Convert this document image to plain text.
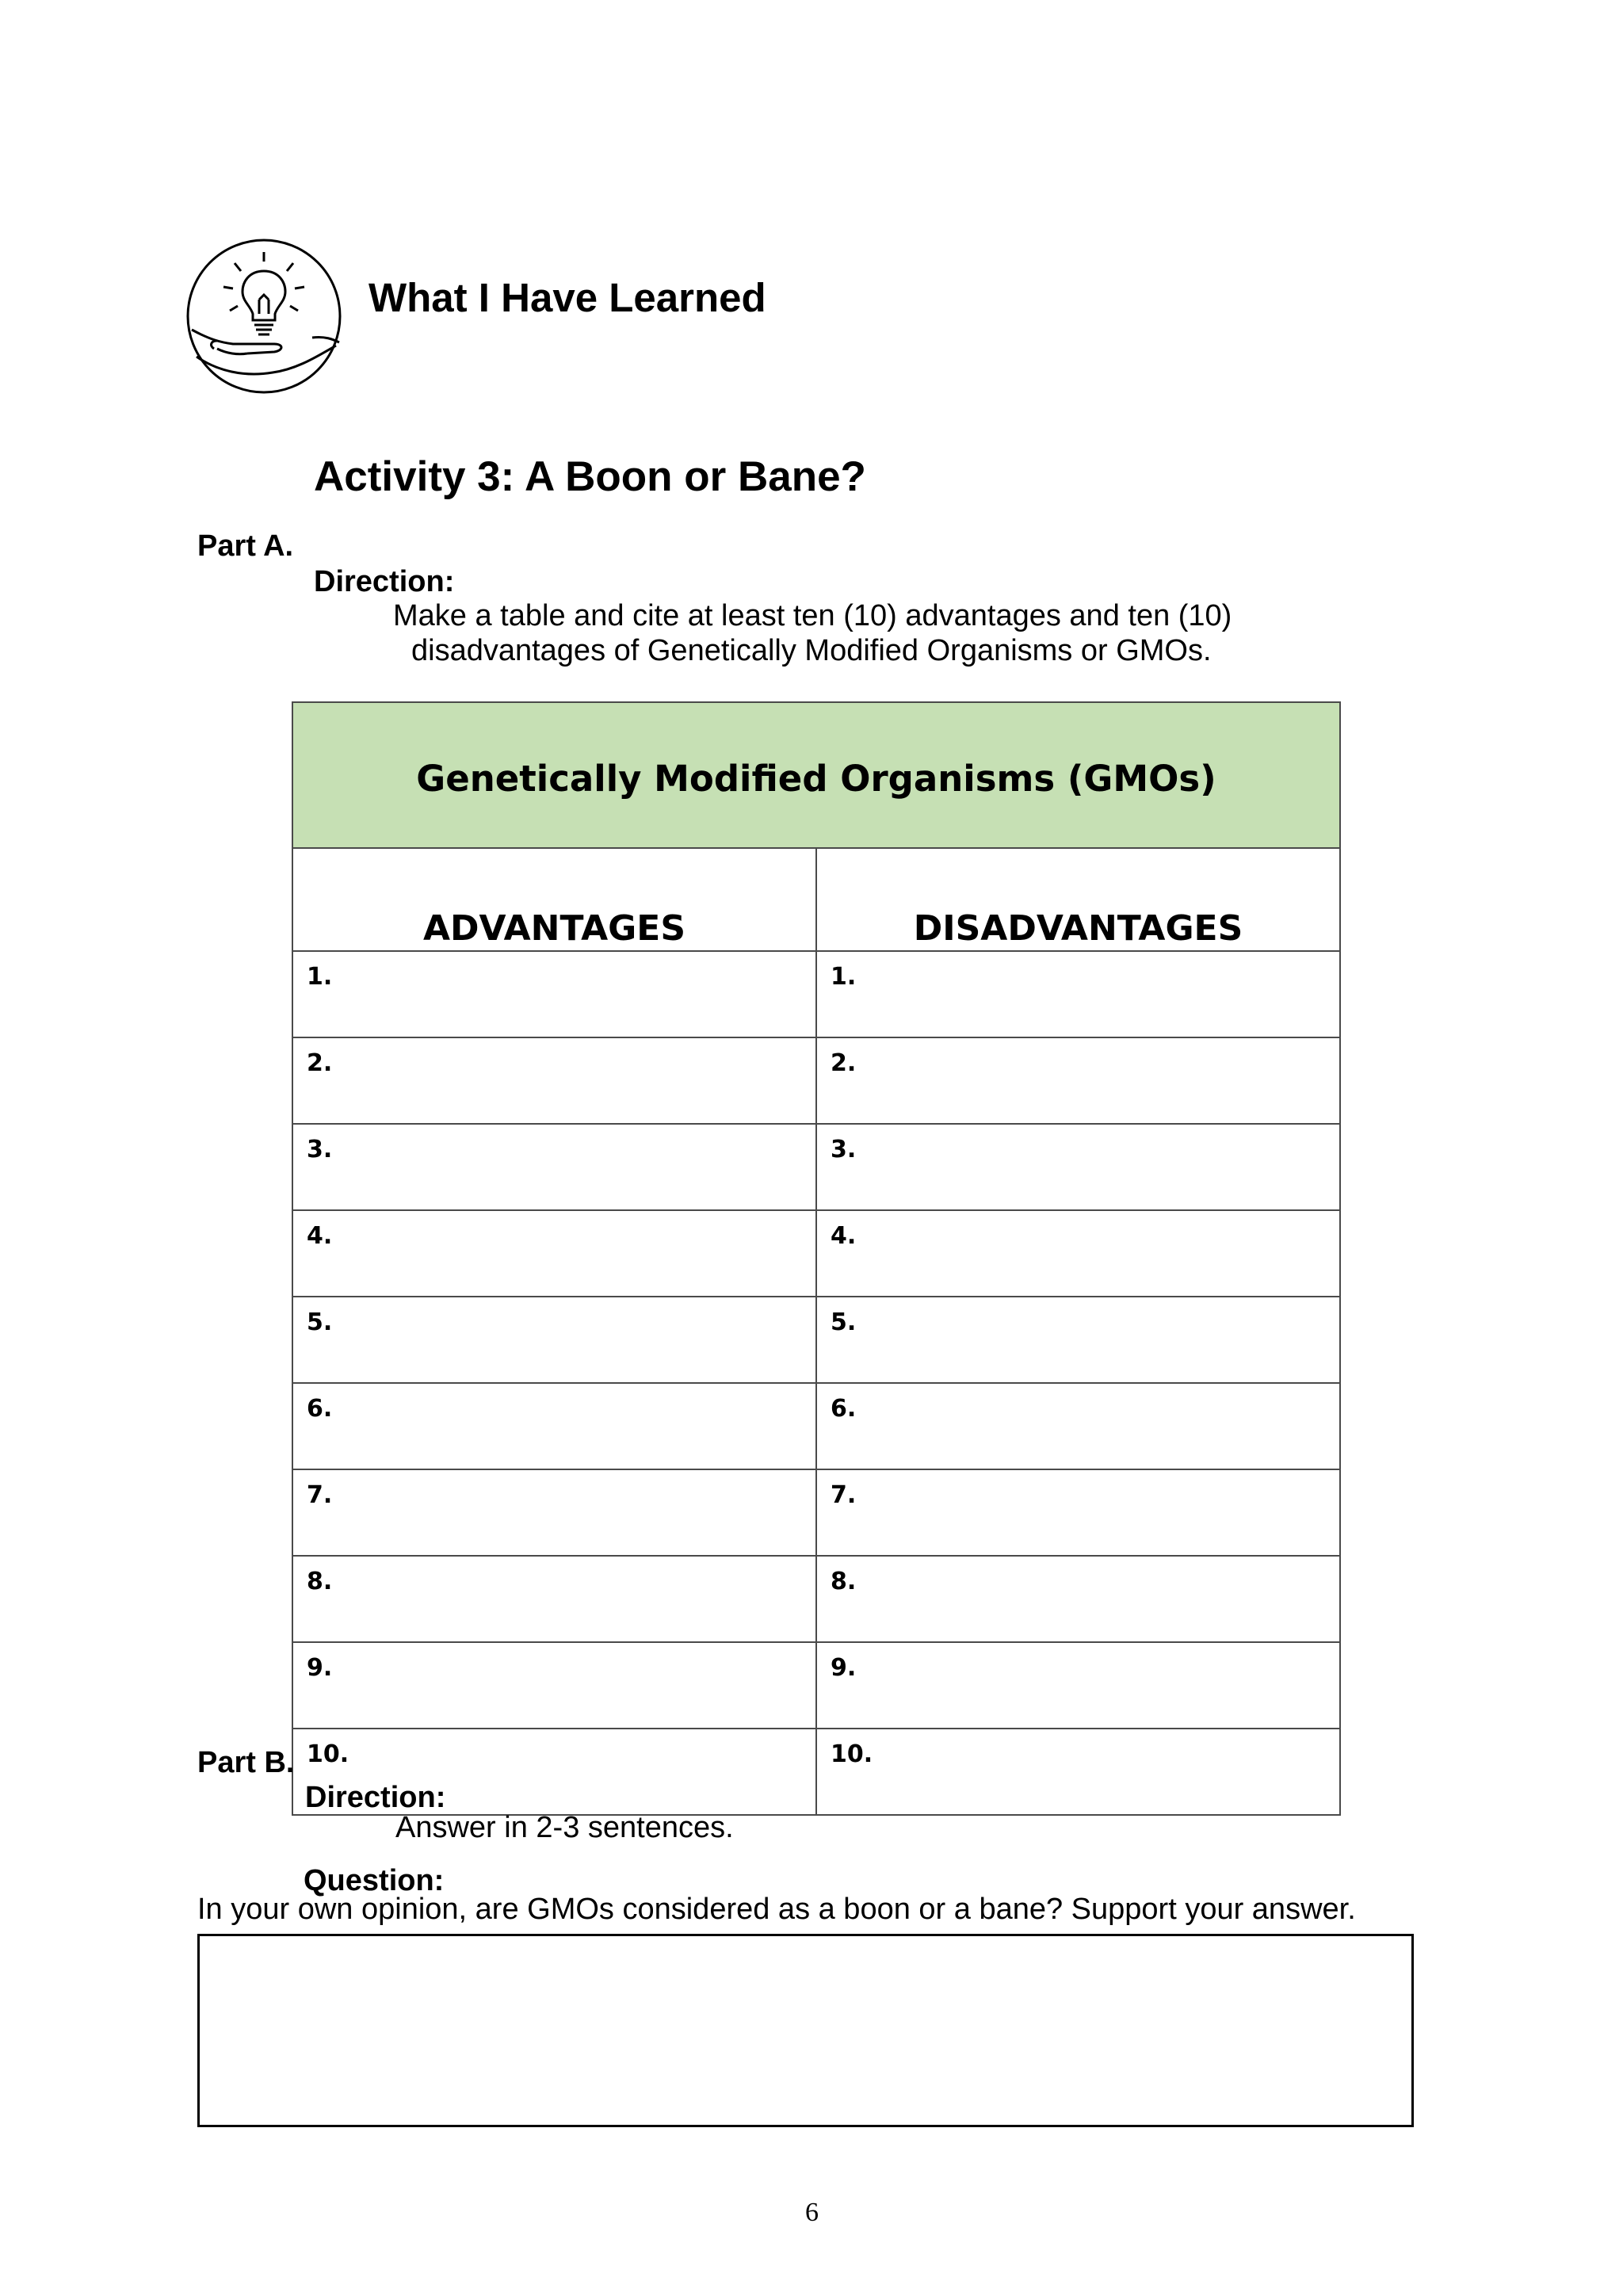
What I Have Learned
Activity 3: A Boon or Bane?
Part A.
Direction:
Make a table and cite at least ten (10) advantages and ten (10)
disadvantages of Genetically Modified Organisms or GMOs.
Genetically Modified Organisms (GMOs)	
ADVANTAGES	DISADVANTAGES
1.	1.
2.	2.
3.	3.
4.	4.
5.	5.
6.	6.
7.	7.
8.	8.
9.	9.
10.	10.
Part B.
Direction:
Answer in 2-3 sentences.
Question:
In your own opinion, are GMOs considered as a boon or a bane? Support your answer.
6
